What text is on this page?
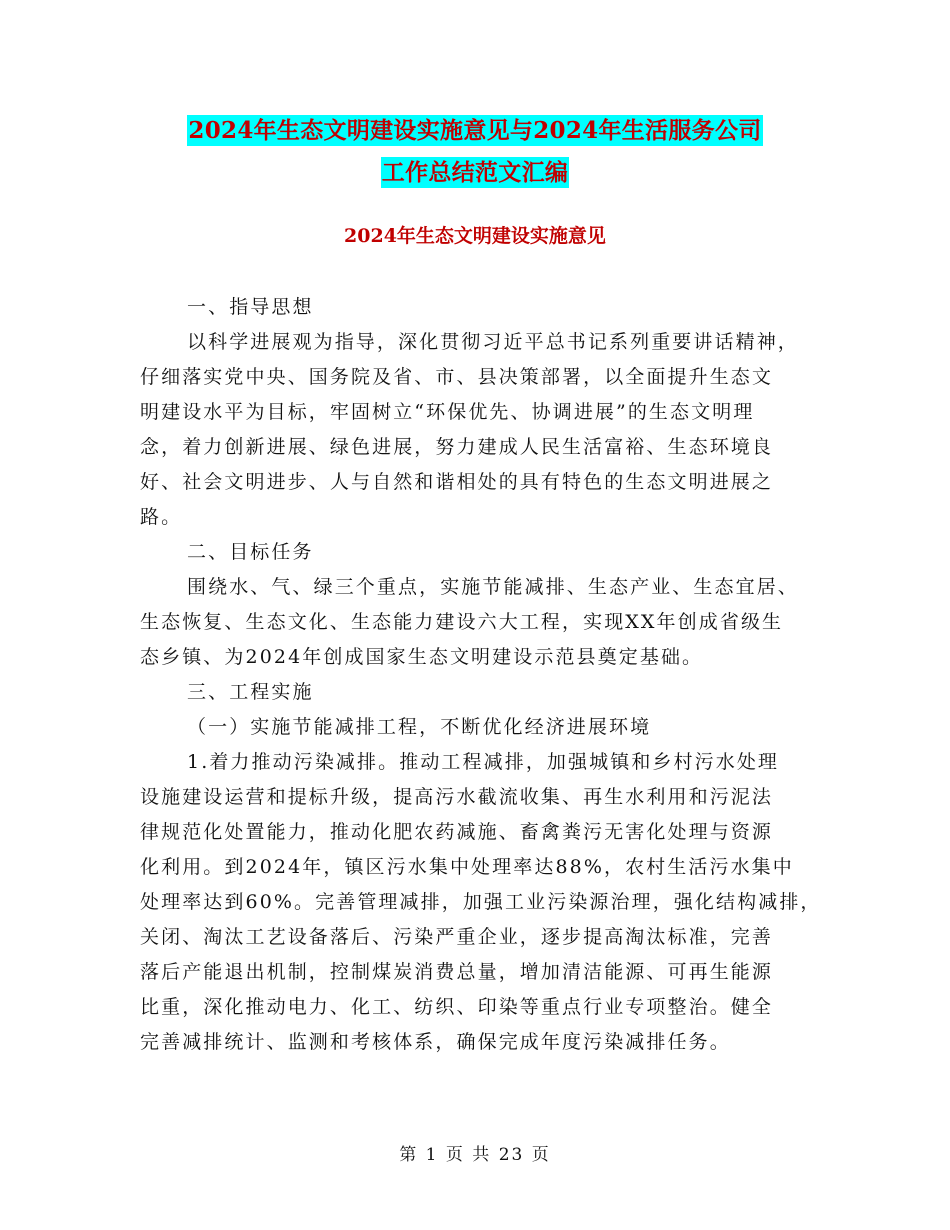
2024年生态文明建设实施意见与2024年生活服务公司
工作总结范文汇编
2024年生态文明建设实施意见
一、指导思想
以科学进展观为指导，深化贯彻习近平总书记系列重要讲话精神，
仔细落实党中央、国务院及省、市、县决策部署，以全面提升生态文
明建设水平为目标，牢固树立“环保优先、协调进展”的生态文明理
念，着力创新进展、绿色进展，努力建成人民生活富裕、生态环境良
好、社会文明进步、人与自然和谐相处的具有特色的生态文明进展之
路。
二、目标任务
围绕水、气、绿三个重点，实施节能减排、生态产业、生态宜居、
生态恢复、生态文化、生态能力建设六大工程，实现XX年创成省级生
态乡镇、为2024年创成国家生态文明建设示范县奠定基础。
三、工程实施
（一）实施节能减排工程，不断优化经济进展环境
1.着力推动污染减排。推动工程减排，加强城镇和乡村污水处理
设施建设运营和提标升级，提高污水截流收集、再生水利用和污泥法
律规范化处置能力，推动化肥农药减施、畜禽粪污无害化处理与资源
化利用。到2024年，镇区污水集中处理率达88%，农村生活污水集中
处理率达到60%。完善管理减排，加强工业污染源治理，强化结构减排，
关闭、淘汰工艺设备落后、污染严重企业，逐步提高淘汰标准，完善
落后产能退出机制，控制煤炭消费总量，增加清洁能源、可再生能源
比重，深化推动电力、化工、纺织、印染等重点行业专项整治。健全
完善减排统计、监测和考核体系，确保完成年度污染减排任务。
第 1 页 共 23 页
